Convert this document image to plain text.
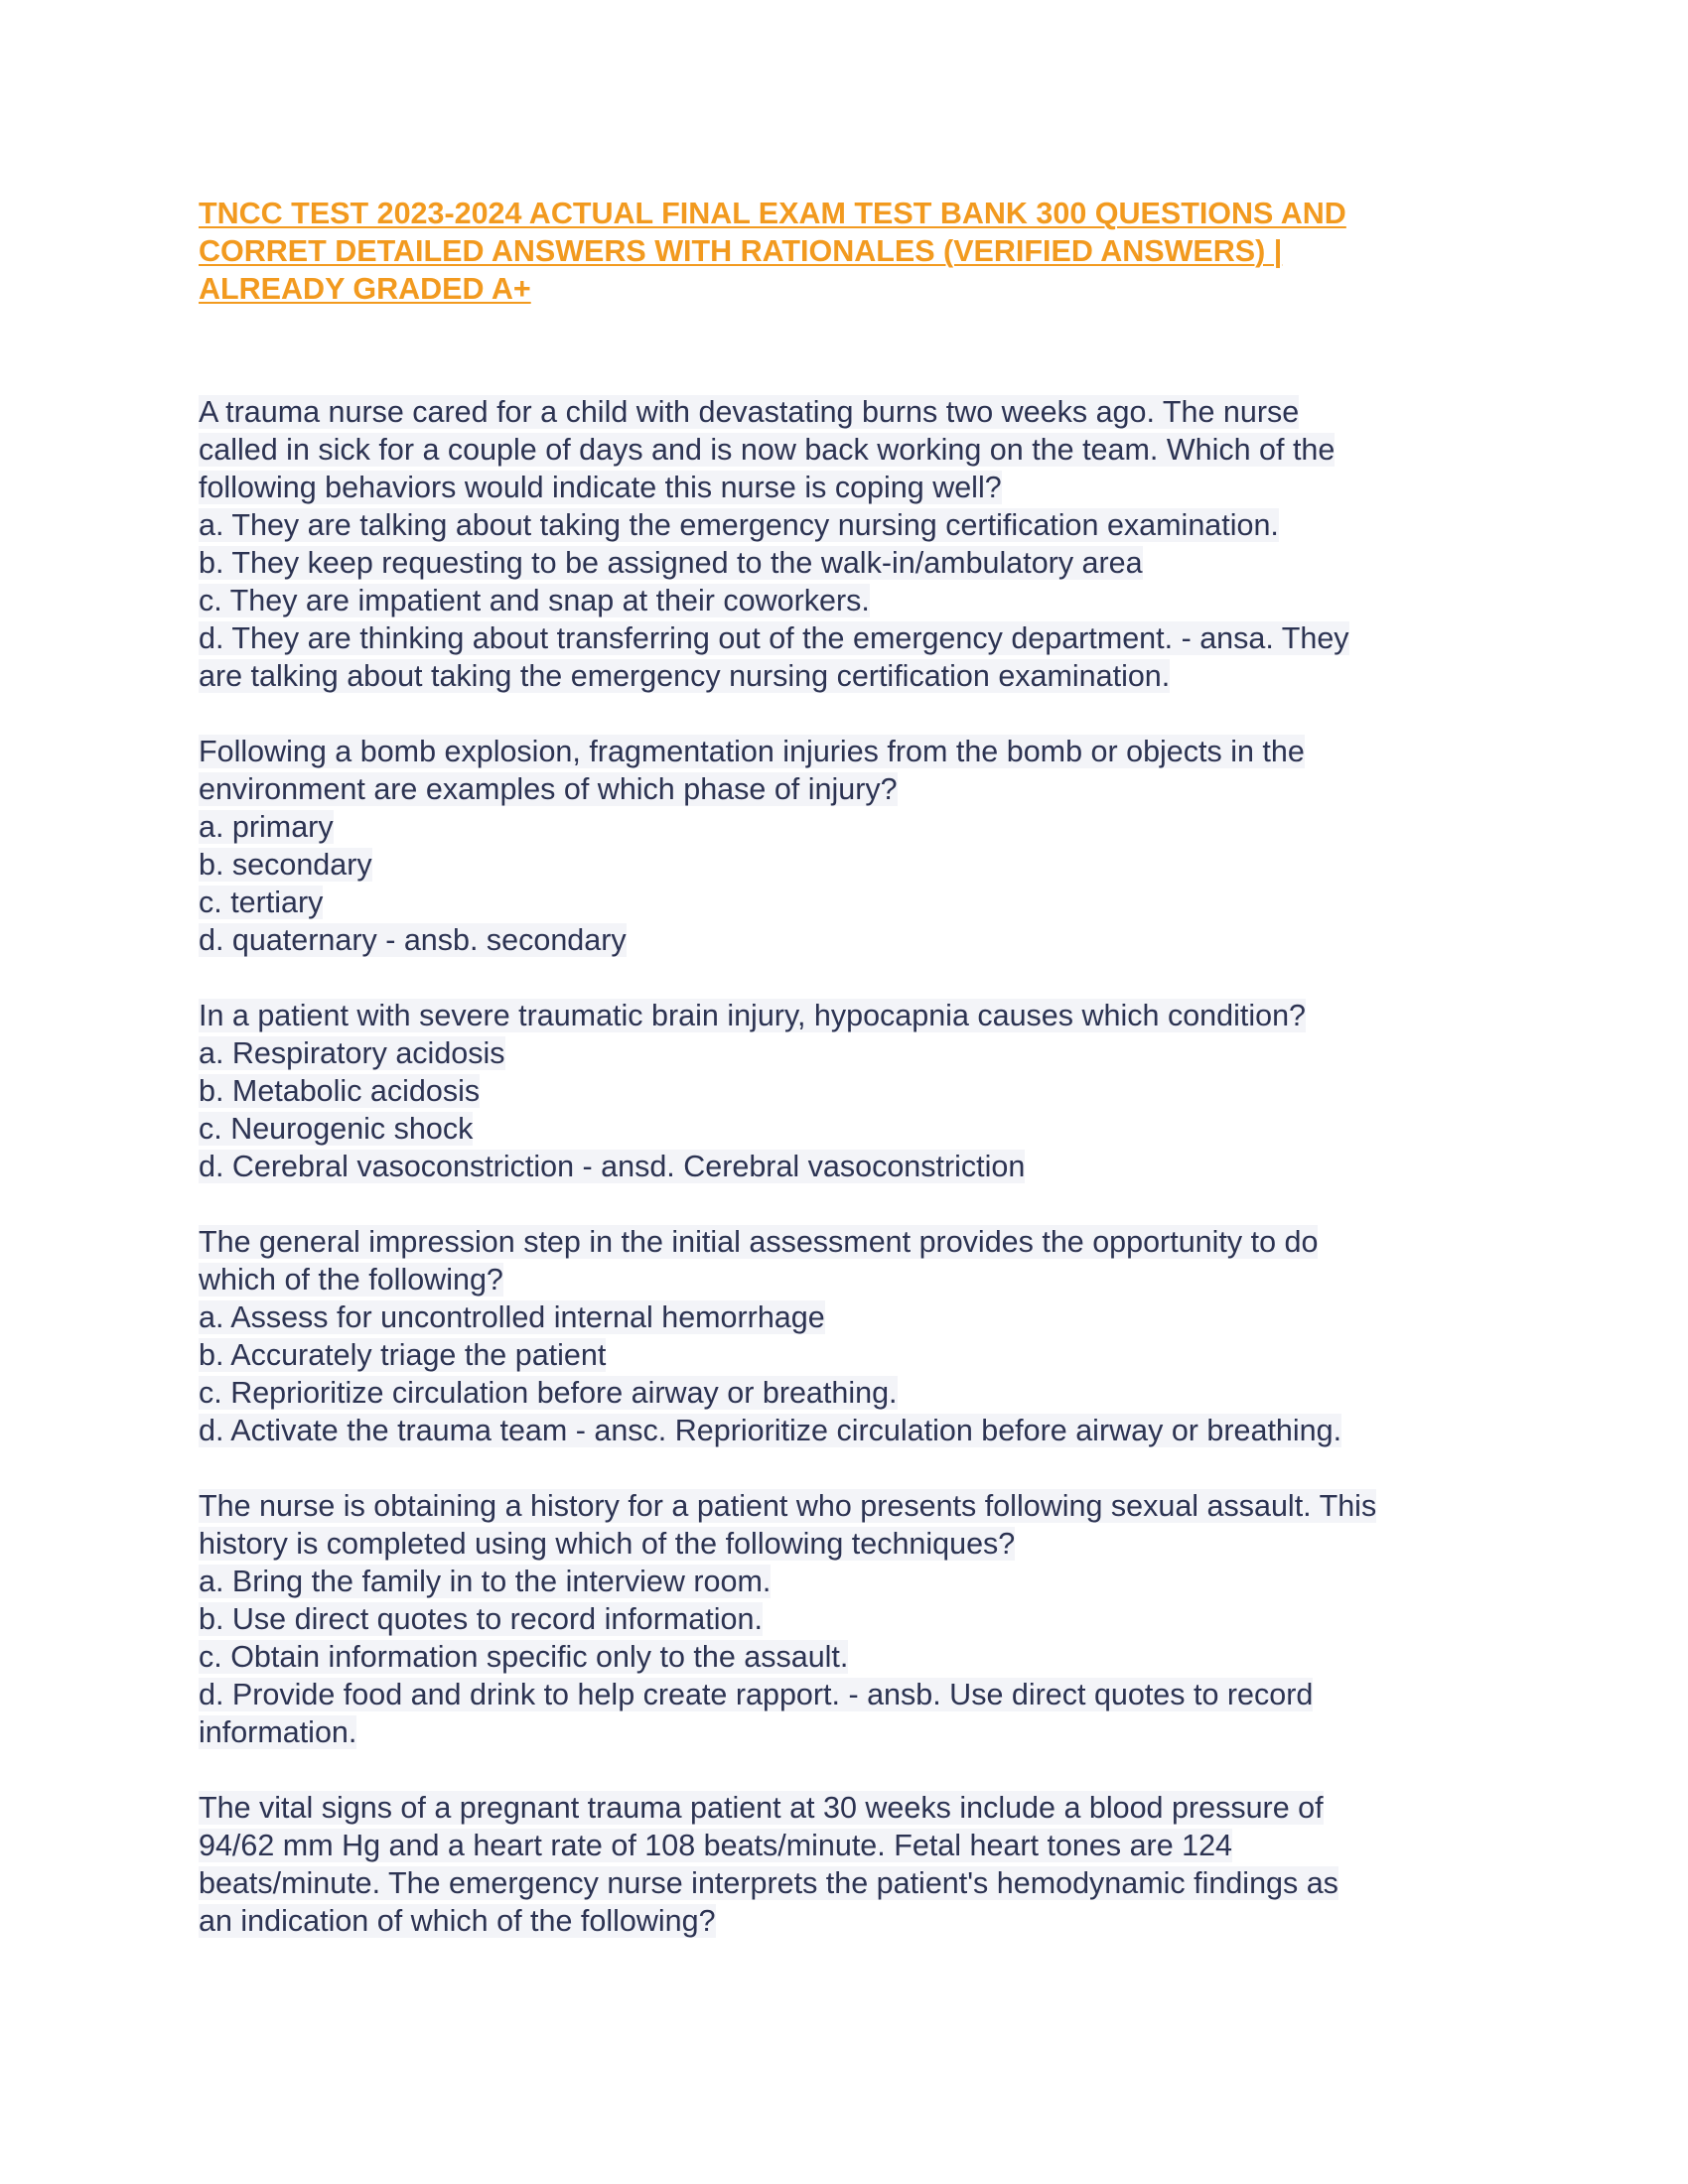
TNCC TEST 2023-2024 ACTUAL FINAL EXAM TEST BANK 300 QUESTIONS AND
CORRET DETAILED ANSWERS WITH RATIONALES (VERIFIED ANSWERS) |
ALREADY GRADED A+
A trauma nurse cared for a child with devastating burns two weeks ago. The nurse
called in sick for a couple of days and is now back working on the team. Which of the
following behaviors would indicate this nurse is coping well?
a. They are talking about taking the emergency nursing certification examination.
b. They keep requesting to be assigned to the walk-in/ambulatory area
c. They are impatient and snap at their coworkers.
d. They are thinking about transferring out of the emergency department. - ansa. They
are talking about taking the emergency nursing certification examination.
Following a bomb explosion, fragmentation injuries from the bomb or objects in the
environment are examples of which phase of injury?
a. primary
b. secondary
c. tertiary
d. quaternary - ansb. secondary
In a patient with severe traumatic brain injury, hypocapnia causes which condition?
a. Respiratory acidosis
b. Metabolic acidosis
c. Neurogenic shock
d. Cerebral vasoconstriction - ansd. Cerebral vasoconstriction
The general impression step in the initial assessment provides the opportunity to do
which of the following?
a. Assess for uncontrolled internal hemorrhage
b. Accurately triage the patient
c. Reprioritize circulation before airway or breathing.
d. Activate the trauma team - ansc. Reprioritize circulation before airway or breathing.
The nurse is obtaining a history for a patient who presents following sexual assault. This
history is completed using which of the following techniques?
a. Bring the family in to the interview room.
b. Use direct quotes to record information.
c. Obtain information specific only to the assault.
d. Provide food and drink to help create rapport. - ansb. Use direct quotes to record
information.
The vital signs of a pregnant trauma patient at 30 weeks include a blood pressure of
94/62 mm Hg and a heart rate of 108 beats/minute. Fetal heart tones are 124
beats/minute. The emergency nurse interprets the patient's hemodynamic findings as
an indication of which of the following?
